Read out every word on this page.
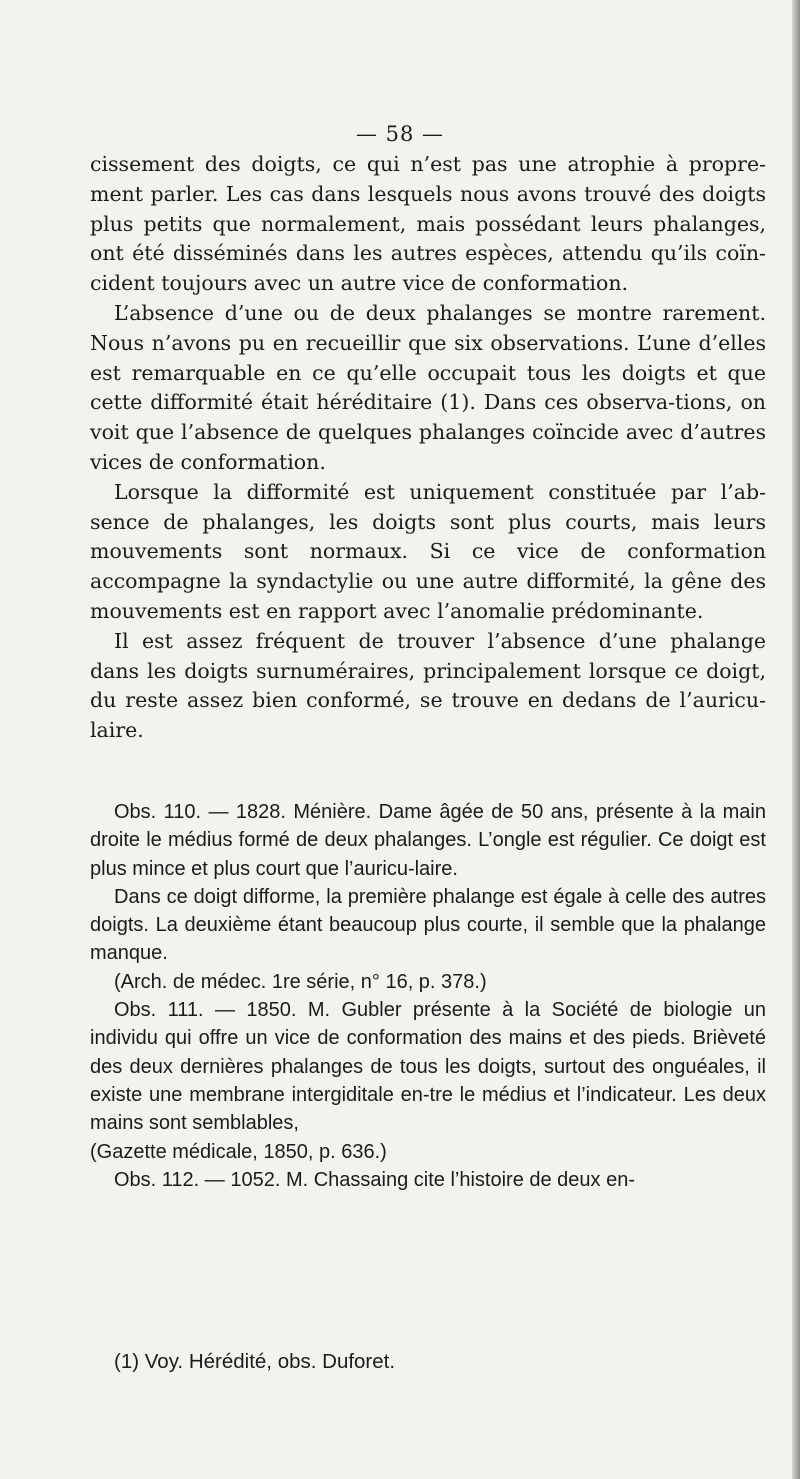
— 58 —

cissement des doigts, ce qui n’est pas une atrophie à propre-ment parler. Les cas dans lesquels nous avons trouvé des doigts plus petits que normalement, mais possédant leurs phalanges, ont été disséminés dans les autres espèces, attendu qu’ils coïn-cident toujours avec un autre vice de conformation.

L’absence d’une ou de deux phalanges se montre rarement. Nous n’avons pu en recueillir que six observations. L’une d’elles est remarquable en ce qu’elle occupait tous les doigts et que cette difformité était héréditaire (1). Dans ces observa-tions, on voit que l’absence de quelques phalanges coïncide avec d’autres vices de conformation.

Lorsque la difformité est uniquement constituée par l’ab-sence de phalanges, les doigts sont plus courts, mais leurs mouvements sont normaux. Si ce vice de conformation accompagne la syndactylie ou une autre difformité, la gêne des mouvements est en rapport avec l’anomalie prédominante.

Il est assez fréquent de trouver l’absence d’une phalange dans les doigts surnuméraires, principalement lorsque ce doigt, du reste assez bien conformé, se trouve en dedans de l’auricu-laire.

Obs. 110. — 1828. Ménière. Dame âgée de 50 ans, présente à la main droite le médius formé de deux phalanges. L’ongle est régulier. Ce doigt est plus mince et plus court que l’auricu-laire.

Dans ce doigt difforme, la première phalange est égale à celle des autres doigts. La deuxième étant beaucoup plus courte, il semble que la phalange manque.

(Arch. de médec. 1re série, n° 16, p. 378.)

Obs. 111. — 1850. M. Gubler présente à la Société de biologie un individu qui offre un vice de conformation des mains et des pieds. Brièveté des deux dernières phalanges de tous les doigts, surtout des onguéales, il existe une membrane intergiditale en-tre le médius et l’indicateur. Les deux mains sont semblables,

(Gazette médicale, 1850, p. 636.)

Obs. 112. — 1052. M. Chassaing cite l’histoire de deux en-

(1) Voy. Hérédité, obs. Duforet.
